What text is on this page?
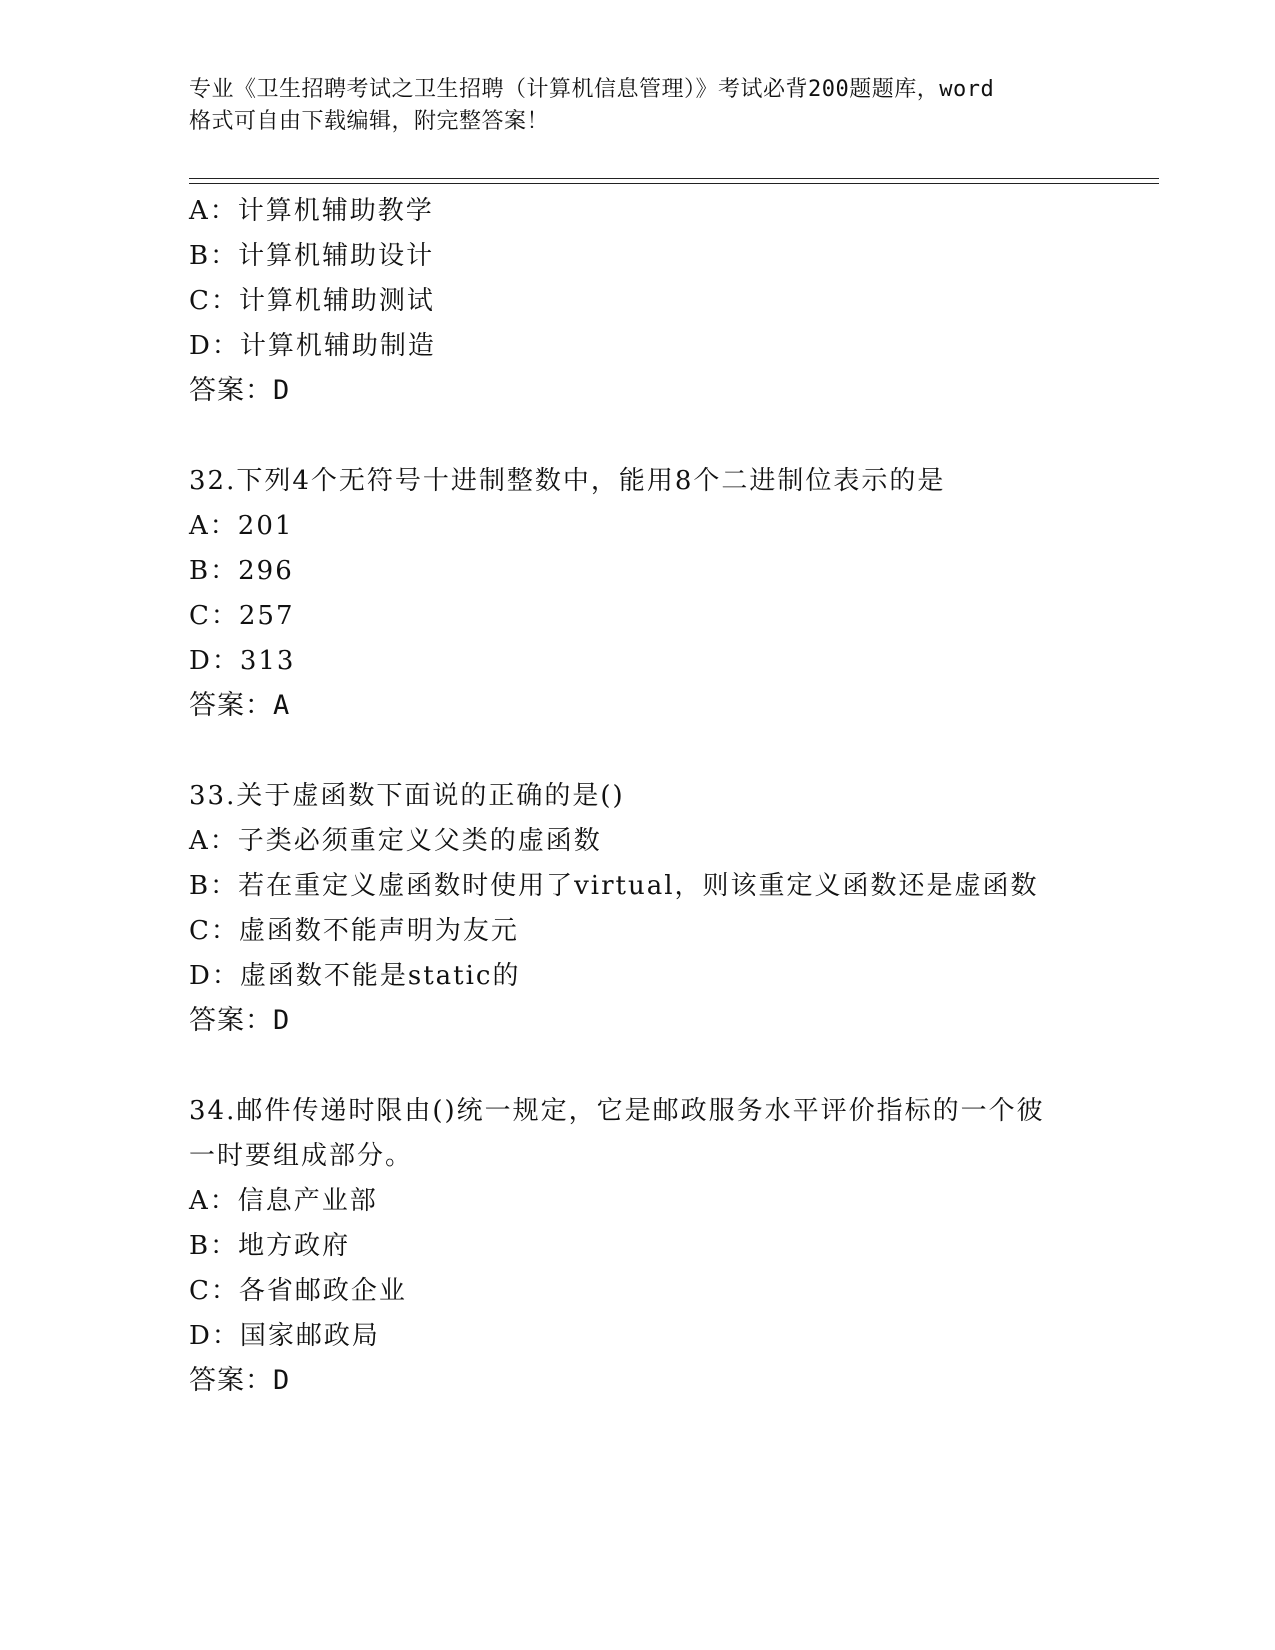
专业《卫生招聘考试之卫生招聘（计算机信息管理）》考试必背200题题库，word
格式可自由下载编辑，附完整答案！
A：计算机辅助教学
B：计算机辅助设计
C：计算机辅助测试
D：计算机辅助制造
答案：D
32.下列4个无符号十进制整数中，能用8个二进制位表示的是
A：201
B：296
C：257
D：313
答案：A
33.关于虚函数下面说的正确的是()
A：子类必须重定义父类的虚函数
B：若在重定义虚函数时使用了virtual，则该重定义函数还是虚函数
C：虚函数不能声明为友元
D：虚函数不能是static的
答案：D
34.邮件传递时限由()统一规定，它是邮政服务水平评价指标的一个彼
一时要组成部分。
A：信息产业部
B：地方政府
C：各省邮政企业
D：国家邮政局
答案：D
